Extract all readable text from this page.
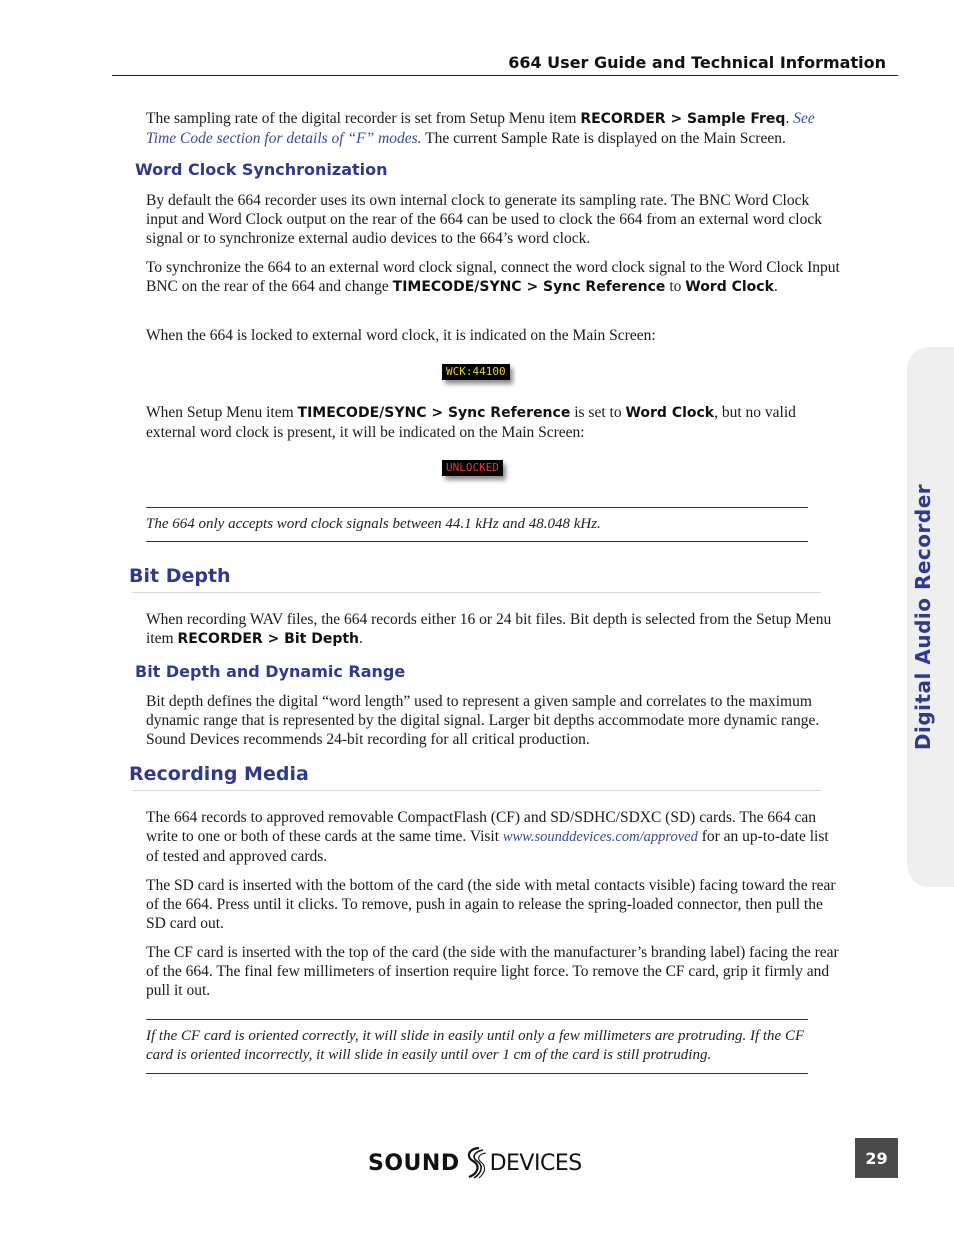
664 User Guide and Technical Information
Digital Audio Recorder

The sampling rate of the digital recorder is set from Setup Menu item RECORDER > Sample Freq. See Time Code section for details of “F” modes. The current Sample Rate is displayed on the Main Screen.

Word Clock Synchronization

By default the 664 recorder uses its own internal clock to generate its sampling rate. The BNC Word Clock input and Word Clock output on the rear of the 664 can be used to clock the 664 from an external word clock signal or to synchronize external audio devices to the 664’s word clock.

To synchronize the 664 to an external word clock signal, connect the word clock signal to the Word Clock Input BNC on the rear of the 664 and change TIMECODE/SYNC > Sync Reference to Word Clock.

When the 664 is locked to external word clock, it is indicated on the Main Screen:

WCK:44100

When Setup Menu item TIMECODE/SYNC > Sync Reference is set to Word Clock, but no valid external word clock is present, it will be indicated on the Main Screen:

UNLOCKED

The 664 only accepts word clock signals between 44.1 kHz and 48.048 kHz.

Bit Depth

When recording WAV files, the 664 records either 16 or 24 bit files. Bit depth is selected from the Setup Menu item RECORDER > Bit Depth.

Bit Depth and Dynamic Range

Bit depth defines the digital “word length” used to represent a given sample and correlates to the maximum dynamic range that is represented by the digital signal. Larger bit depths accommodate more dynamic range. Sound Devices recommends 24-bit recording for all critical production.

Recording Media

The 664 records to approved removable CompactFlash (CF) and SD/SDHC/SDXC (SD) cards. The 664 can write to one or both of these cards at the same time. Visit www.sounddevices.com/approved for an up-to-date list of tested and approved cards.

The SD card is inserted with the bottom of the card (the side with metal contacts visible) facing toward the rear of the 664. Press until it clicks. To remove, push in again to release the spring-loaded connector, then pull the SD card out.

The CF card is inserted with the top of the card (the side with the manufacturer’s branding label) facing the rear of the 664. The final few millimeters of insertion require light force. To remove the CF card, grip it firmly and pull it out.

If the CF card is oriented correctly, it will slide in easily until only a few millimeters are protruding. If the CF card is oriented incorrectly, it will slide in easily until over 1 cm of the card is still protruding.

SOUND DEVICES	29
